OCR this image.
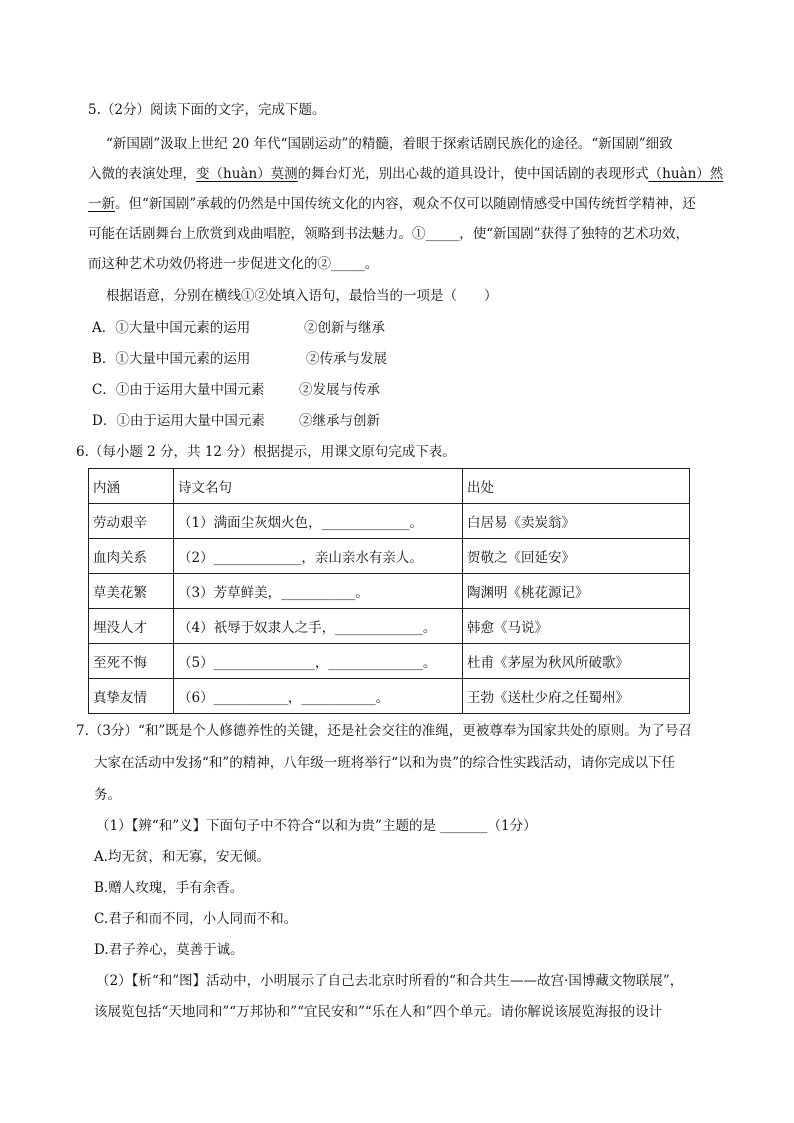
5.（2分）阅读下面的文字，完成下题。
“新国剧”汲取上世纪 20 年代“国剧运动”的精髓，着眼于探索话剧民族化的途径。“新国剧”细致
入微的表演处理，变（huàn）莫测的舞台灯光，别出心裁的道具设计，使中国话剧的表现形式（huàn）然
一新。但“新国剧”承载的仍然是中国传统文化的内容，观众不仅可以随剧情感受中国传统哲学精神，还
可能在话剧舞台上欣赏到戏曲唱腔，领略到书法魅力。①_____，使“新国剧”获得了独特的艺术功效，
而这种艺术功效仍将进一步促进文化的②_____。
根据语意，分别在横线①②处填入语句，最恰当的一项是（　　）
A．①大量中国元素的运用	②创新与继承
B．①大量中国元素的运用	②传承与发展
C．①由于运用大量中国元素	②发展与传承
D．①由于运用大量中国元素	②继承与创新
6.（每小题 2 分，共 12 分）根据提示，用课文原句完成下表。
内涵	诗文名句	出处
劳动艰辛	（1）满面尘灰烟火色，_____________。	白居易《卖炭翁》
血肉关系	（2）_____________，亲山亲水有亲人。	贺敬之《回延安》
草美花繁	（3）芳草鲜美，___________。	陶渊明《桃花源记》
埋没人才	（4）祇辱于奴隶人之手，_____________。	韩愈《马说》
至死不悔	（5）_______________，______________。	杜甫《茅屋为秋风所破歌》
真挚友情	（6）___________，___________。	王勃《送杜少府之任蜀州》
7.（3分）“和”既是个人修德养性的关键，还是社会交往的准绳，更被尊奉为国家共处的原则。为了号召
大家在活动中发扬“和”的精神，八年级一班将举行“以和为贵”的综合性实践活动，请你完成以下任
务。
（1）【辨“和”义】下面句子中不符合“以和为贵”主题的是 _______（1分）
A.均无贫，和无寡，安无倾。
B.赠人玫瑰，手有余香。
C.君子和而不同，小人同而不和。
D.君子养心，莫善于诚。
（2）【析“和”图】活动中，小明展示了自己去北京时所看的“和合共生——故宫·国博藏文物联展”，
该展览包括“天地同和”“万邦协和”“宜民安和”“乐在人和”四个单元。请你解说该展览海报的设计
